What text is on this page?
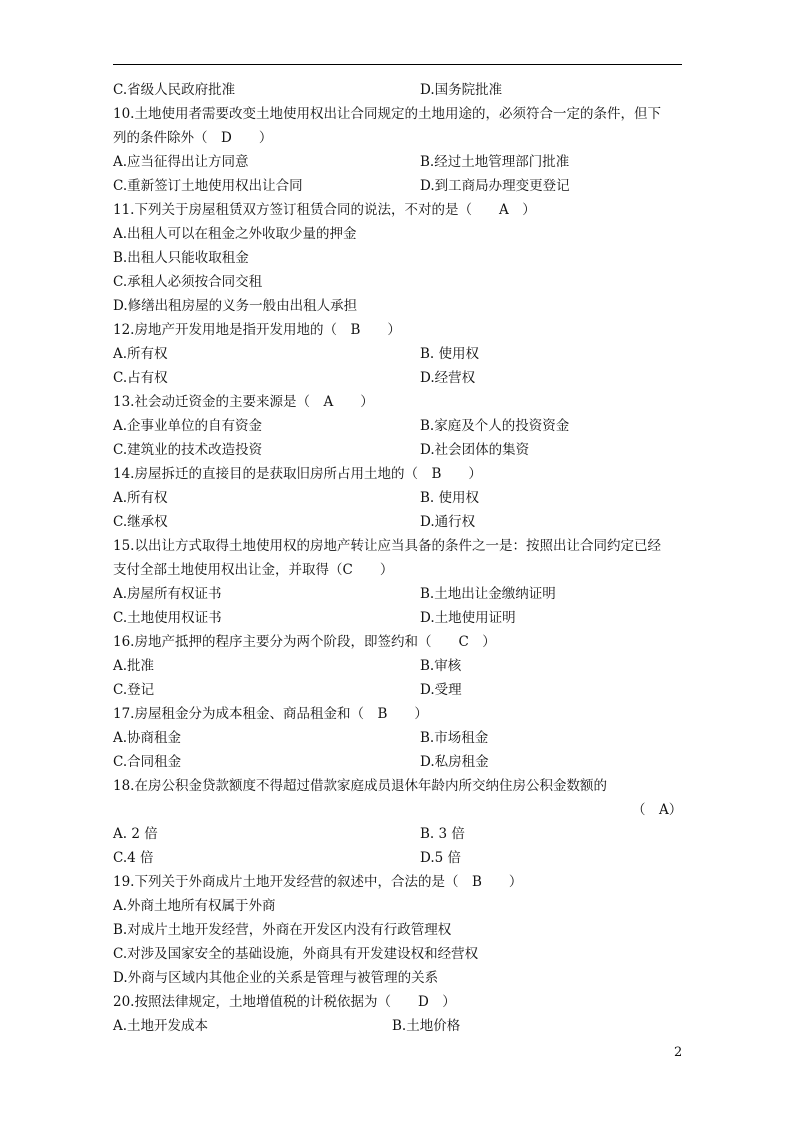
C.省级人民政府批准	D.国务院批准
10.土地使用者需要改变土地使用权出让合同规定的土地用途的，必须符合一定的条件，但下
列的条件除外（　D　　）
A.应当征得出让方同意	B.经过土地管理部门批准
C.重新签订土地使用权出让合同	D.到工商局办理变更登记
11.下列关于房屋租赁双方签订租赁合同的说法，不对的是（　　A　）
A.出租人可以在租金之外收取少量的押金
B.出租人只能收取租金
C.承租人必须按合同交租
D.修缮出租房屋的义务一般由出租人承担
12.房地产开发用地是指开发用地的（　B　　）
A.所有权	B. 使用权
C.占有权	D.经营权
13.社会动迁资金的主要来源是（　A　　）
A.企事业单位的自有资金	B.家庭及个人的投资资金
C.建筑业的技术改造投资	D.社会团体的集资
14.房屋拆迁的直接目的是获取旧房所占用土地的（　B　　）
A.所有权	B. 使用权
C.继承权	D.通行权
15.以出让方式取得土地使用权的房地产转让应当具备的条件之一是：按照出让合同约定已经
支付全部土地使用权出让金，并取得（C　　）
A.房屋所有权证书	B.土地出让金缴纳证明
C.土地使用权证书	D.土地使用证明
16.房地产抵押的程序主要分为两个阶段，即签约和（　　C　）
A.批准	B.审核
C.登记	D.受理
17.房屋租金分为成本租金、商品租金和（　B　　）
A.协商租金	B.市场租金
C.合同租金	D.私房租金
18.在房公积金贷款额度不得超过借款家庭成员退休年龄内所交纳住房公积金数额的
（　A）
A. 2 倍	B. 3 倍
C.4 倍	D.5 倍
19.下列关于外商成片土地开发经营的叙述中，合法的是（　B　　）
A.外商土地所有权属于外商
B.对成片土地开发经营，外商在开发区内没有行政管理权
C.对涉及国家安全的基础设施，外商具有开发建设权和经营权
D.外商与区域内其他企业的关系是管理与被管理的关系
20.按照法律规定，土地增值税的计税依据为（　　D　）
A.土地开发成本	B.土地价格
2
